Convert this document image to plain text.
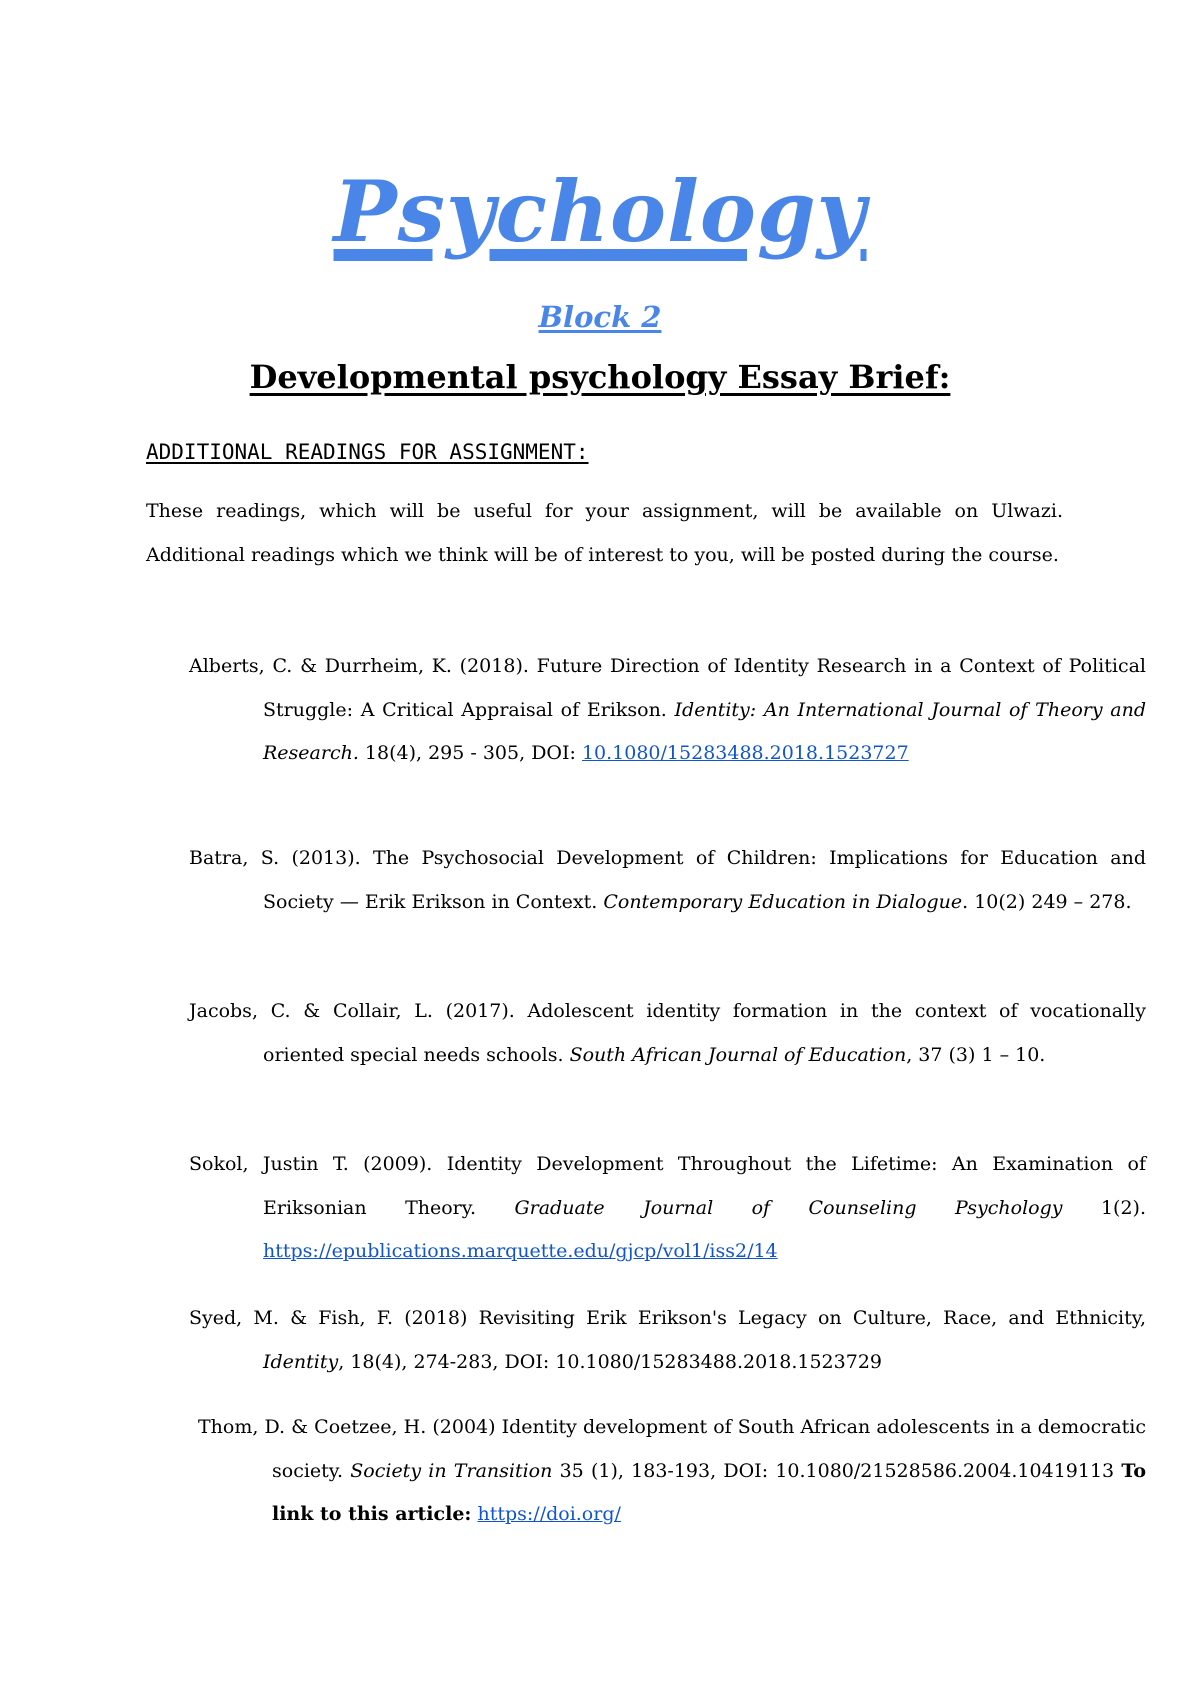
Psychology
Block 2
Developmental psychology Essay Brief:
ADDITIONAL READINGS FOR ASSIGNMENT:

These readings, which will be useful for your assignment, will be available on Ulwazi. Additional readings which we think will be of interest to you, will be posted during the course.

Alberts, C. & Durrheim, K. (2018). Future Direction of Identity Research in a Context of Political Struggle: A Critical Appraisal of Erikson. Identity: An International Journal of Theory and Research. 18(4), 295 - 305, DOI: 10.1080/15283488.2018.1523727

Batra, S. (2013). The Psychosocial Development of Children: Implications for Education and Society — Erik Erikson in Context. Contemporary Education in Dialogue. 10(2) 249 – 278.

Jacobs, C. & Collair, L. (2017). Adolescent identity formation in the context of vocationally oriented special needs schools. South African Journal of Education, 37 (3) 1 – 10.

Sokol, Justin T. (2009). Identity Development Throughout the Lifetime: An Examination of Eriksonian Theory. Graduate Journal of Counseling Psychology 1(2). https://epublications.marquette.edu/gjcp/vol1/iss2/14

Syed, M. & Fish, F. (2018) Revisiting Erik Erikson's Legacy on Culture, Race, and Ethnicity, Identity, 18(4), 274-283, DOI: 10.1080/15283488.2018.1523729

Thom, D. & Coetzee, H. (2004) Identity development of South African adolescents in a democratic society. Society in Transition 35 (1), 183-193, DOI: 10.1080/21528586.2004.10419113 To link to this article: https://doi.org/
